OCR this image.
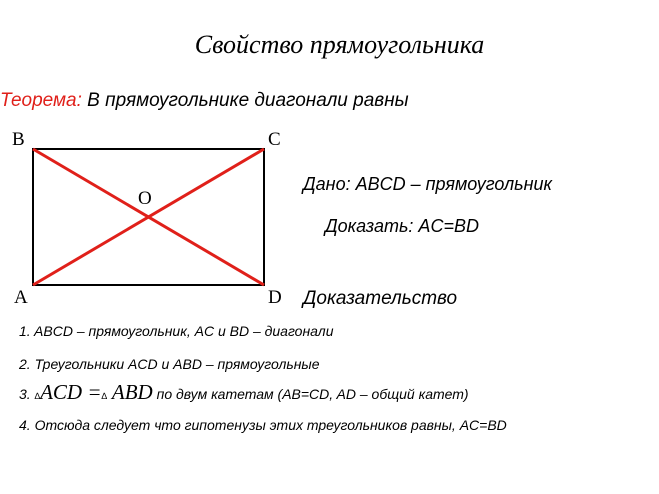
Свойство прямоугольника
Теорема: В прямоугольнике диагонали равны
B	C
A	D
O
Дано: ABCD – прямоугольник
Доказать: AC=BD
Доказательство
1. ABCD – прямоугольник, AC и BD – диагонали
2. Треугольники ACD и ABD – прямоугольные
3. ∆ACD =∆ ABD по двум катетам (AB=CD, AD – общий катет)
4. Отсюда следует что гипотенузы этих треугольников равны, AC=BD
